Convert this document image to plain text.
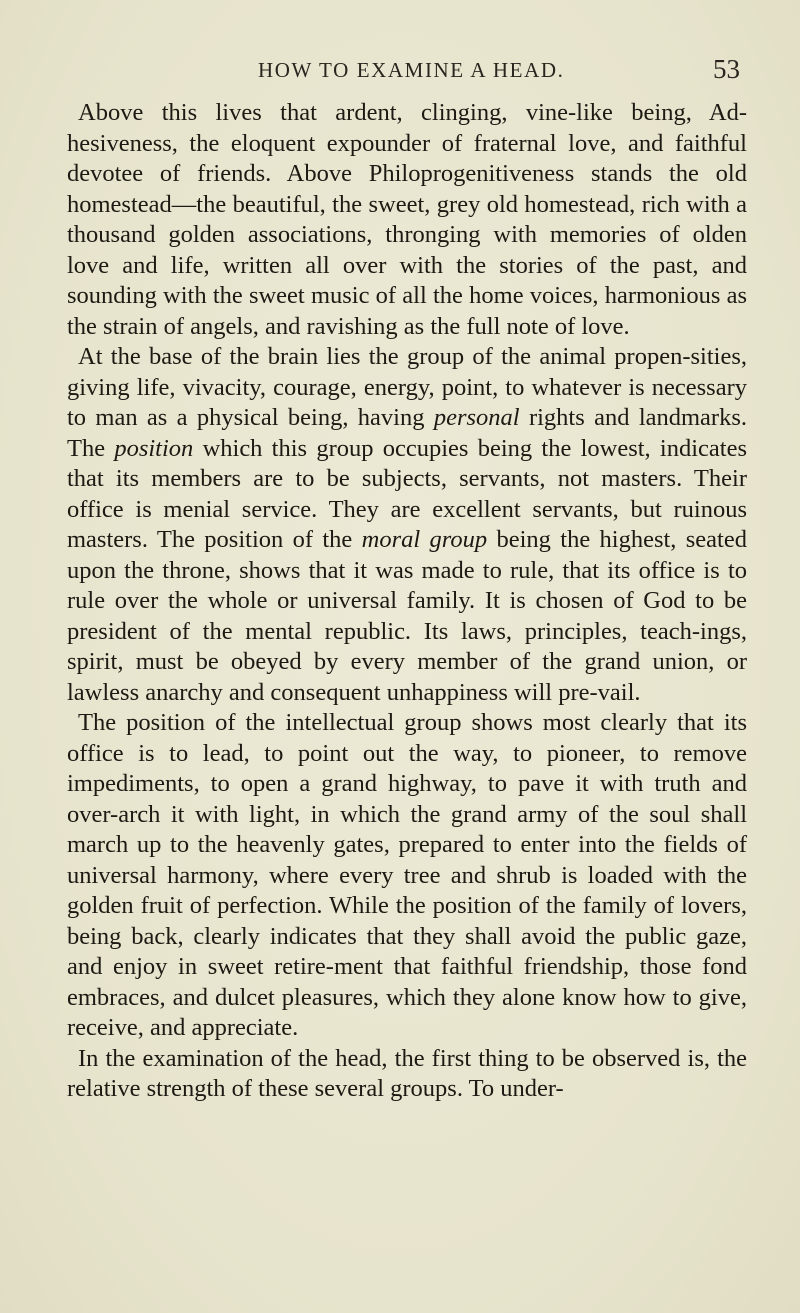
HOW TO EXAMINE A HEAD.	53

Above this lives that ardent, clinging, vine-like being, Ad-hesiveness, the eloquent expounder of fraternal love, and faithful devotee of friends. Above Philoprogenitiveness stands the old homestead—the beautiful, the sweet, grey old homestead, rich with a thousand golden associations, thronging with memories of olden love and life, written all over with the stories of the past, and sounding with the sweet music of all the home voices, harmonious as the strain of angels, and ravishing as the full note of love.

At the base of the brain lies the group of the animal propen-sities, giving life, vivacity, courage, energy, point, to whatever is necessary to man as a physical being, having personal rights and landmarks. The position which this group occupies being the lowest, indicates that its members are to be subjects, servants, not masters. Their office is menial service. They are excellent servants, but ruinous masters. The position of the moral group being the highest, seated upon the throne, shows that it was made to rule, that its office is to rule over the whole or universal family. It is chosen of God to be president of the mental republic. Its laws, principles, teach-ings, spirit, must be obeyed by every member of the grand union, or lawless anarchy and consequent unhappiness will pre-vail.

The position of the intellectual group shows most clearly that its office is to lead, to point out the way, to pioneer, to remove impediments, to open a grand highway, to pave it with truth and over-arch it with light, in which the grand army of the soul shall march up to the heavenly gates, prepared to enter into the fields of universal harmony, where every tree and shrub is loaded with the golden fruit of perfection. While the position of the family of lovers, being back, clearly indicates that they shall avoid the public gaze, and enjoy in sweet retire-ment that faithful friendship, those fond embraces, and dulcet pleasures, which they alone know how to give, receive, and appreciate.

In the examination of the head, the first thing to be observed is, the relative strength of these several groups. To under-
